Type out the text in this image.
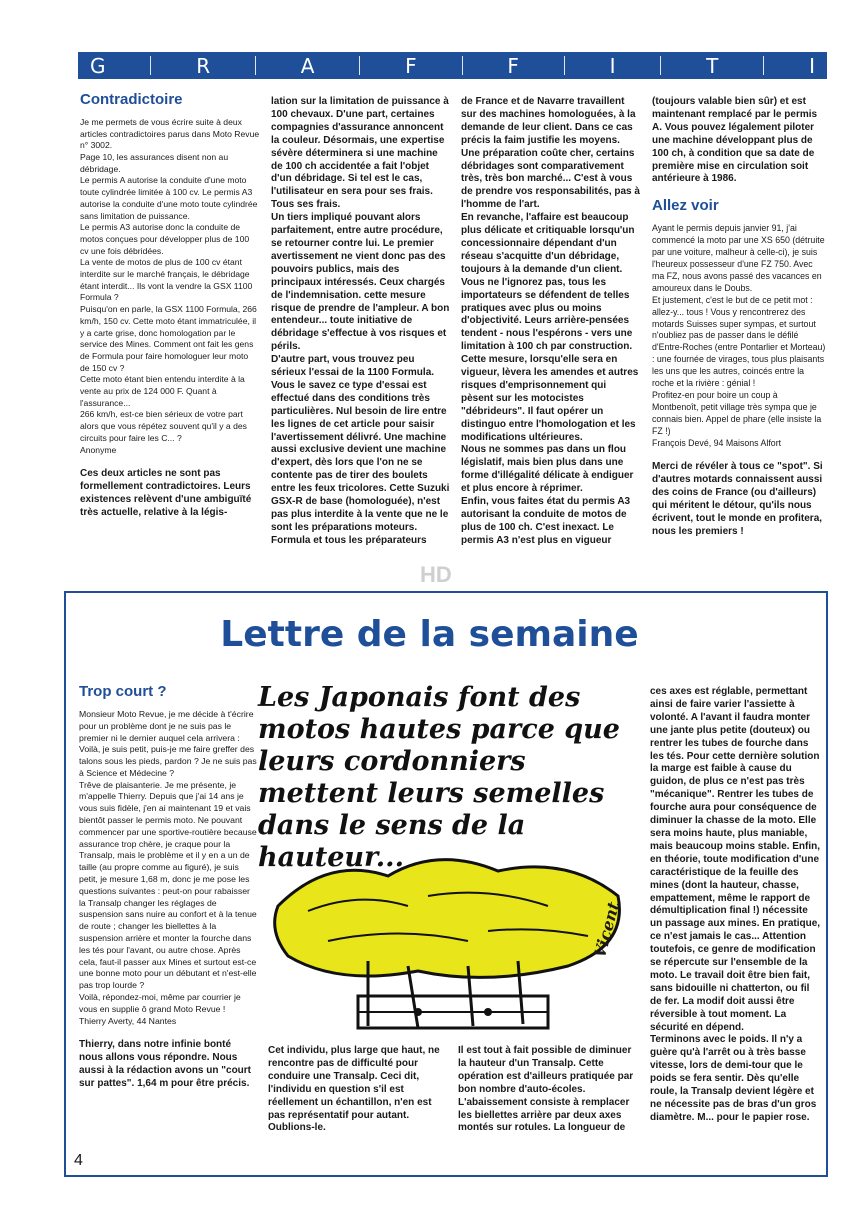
G	R	A	F	F	I	T	I
Contradictoire

Je me permets de vous écrire suite à deux articles contradictoires parus dans Moto Revue n° 3002.
Page 10, les assurances disent non au débridage.
Le permis A autorise la conduite d'une moto toute cylindrée limitée à 100 cv. Le permis A3 autorise la conduite d'une moto toute cylindrée sans limitation de puissance.
Le permis A3 autorise donc la conduite de motos conçues pour développer plus de 100 cv une fois débridées.
La vente de motos de plus de 100 cv étant interdite sur le marché français, le débridage étant interdit... Ils vont la vendre la GSX 1100 Formula ?
Puisqu'on en parle, la GSX 1100 Formula, 266 km/h, 150 cv. Cette moto étant immatriculée, il y a carte grise, donc homologation par le service des Mines. Comment ont fait les gens de Formula pour faire homologuer leur moto de 150 cv ?
Cette moto étant bien entendu interdite à la vente au prix de 124 000 F. Quant à l'assurance...
266 km/h, est-ce bien sérieux de votre part alors que vous répétez souvent qu'il y a des circuits pour faire les C... ?
Anonyme

Ces deux articles ne sont pas formellement contradictoires. Leurs existences relèvent d'une ambiguïté très actuelle, relative à la légis-

lation sur la limitation de puissance à 100 chevaux. D'une part, certaines compagnies d'assurance annoncent la couleur. Désormais, une expertise sévère déterminera si une machine de 100 ch accidentée a fait l'objet d'un débridage. Si tel est le cas, l'utilisateur en sera pour ses frais. Tous ses frais.
Un tiers impliqué pouvant alors parfaitement, entre autre procédure, se retourner contre lui. Le premier avertissement ne vient donc pas des pouvoirs publics, mais des principaux intéressés. Ceux chargés de l'indemnisation. cette mesure risque de prendre de l'ampleur. A bon entendeur... toute initiative de débridage s'effectue à vos risques et périls.
D'autre part, vous trouvez peu sérieux l'essai de la 1100 Formula. Vous le savez ce type d'essai est effectué dans des conditions très particulières. Nul besoin de lire entre les lignes de cet article pour saisir l'avertissement délivré. Une machine aussi exclusive devient une machine d'expert, dès lors que l'on ne se contente pas de tirer des boulets entre les feux tricolores. Cette Suzuki GSX-R de base (homologuée), n'est pas plus interdite à la vente que ne le sont les préparations moteurs.
Formula et tous les préparateurs
de France et de Navarre travaillent sur des machines homologuées, à la demande de leur client. Dans ce cas précis la faim justifie les moyens.
Une préparation coûte cher, certains débridages sont comparativement très, très bon marché... C'est à vous de prendre vos responsabilités, pas à l'homme de l'art.
En revanche, l'affaire est beaucoup plus délicate et critiquable lorsqu'un concessionnaire dépendant d'un réseau s'acquitte d'un débridage, toujours à la demande d'un client. Vous ne l'ignorez pas, tous les importateurs se défendent de telles pratiques avec plus ou moins d'objectivité. Leurs arrière-pensées tendent - nous l'espérons - vers une limitation à 100 ch par construction. Cette mesure, lorsqu'elle sera en vigueur, lèvera les amendes et autres risques d'emprisonnement qui pèsent sur les motocistes "débrideurs". Il faut opérer un distinguo entre l'homologation et les modifications ultérieures.
Nous ne sommes pas dans un flou législatif, mais bien plus dans une forme d'illégalité délicate à endiguer et plus encore à réprimer.
Enfin, vous faites état du permis A3 autorisant la conduite de motos de plus de 100 ch. C'est inexact. Le permis A3 n'est plus en vigueur

(toujours valable bien sûr) et est maintenant remplacé par le permis A. Vous pouvez légalement piloter une machine développant plus de 100 ch, à condition que sa date de première mise en circulation soit antérieure à 1986.

Allez voir

Ayant le permis depuis janvier 91, j'ai commencé la moto par une XS 650 (détruite par une voiture, malheur à celle-ci), je suis l'heureux possesseur d'une FZ 750. Avec ma FZ, nous avons passé des vacances en amoureux dans le Doubs.
Et justement, c'est le but de ce petit mot : allez-y... tous ! Vous y rencontrerez des motards Suisses super sympas, et surtout n'oubliez pas de passer dans le défilé d'Entre-Roches (entre Pontarlier et Morteau) : une fournée de virages, tous plus plaisants les uns que les autres, coincés entre la roche et la rivière : génial !
Profitez-en pour boire un coup à Montbenoît, petit village très sympa que je connais bien. Appel de phare (elle insiste la FZ !)
François Devé, 94 Maisons Alfort

Merci de révéler à tous ce "spot". Si d'autres motards connaissent aussi des coins de France (ou d'ailleurs) qui méritent le détour, qu'ils nous écrivent, tout le monde en profitera, nous les premiers !

HD
Lettre de la semaine
Trop court ?

Monsieur Moto Revue, je me décide à t'écrire pour un problème dont je ne suis pas le premier ni le dernier auquel cela arrivera : Voilà, je suis petit, puis-je me faire greffer des talons sous les pieds, pardon ? Je ne suis pas à Science et Médecine ?
Trêve de plaisanterie. Je me présente, je m'appelle Thierry. Depuis que j'ai 14 ans je vous suis fidèle, j'en ai maintenant 19 et vais bientôt passer le permis moto. Ne pouvant commencer par une sportive-routière because assurance trop chère, je craque pour la Transalp, mais le problème et il y en a un de taille (au propre comme au figuré), je suis petit, je mesure 1,68 m, donc je me pose les questions suivantes : peut-on pour rabaisser la Transalp changer les réglages de suspension sans nuire au confort et à la tenue de route ; changer les biellettes à la suspension arrière et monter la fourche dans les tés pour l'avant, ou autre chose. Après cela, faut-il passer aux Mines et surtout est-ce une bonne moto pour un débutant et n'est-elle pas trop lourde ?
Voilà, répondez-moi, même par courrier je vous en supplie ô grand Moto Revue !
Thierry Averty, 44 Nantes

Thierry, dans notre infinie bonté nous allons vous répondre. Nous aussi à la rédaction avons un "court sur pattes". 1,64 m pour être précis.

Les Japonais font des motos hautes parce que leurs cordonniers mettent leurs semelles dans le sens de la hauteur...
Vicent
Cet individu, plus large que haut, ne rencontre pas de difficulté pour conduire une Transalp. Ceci dit, l'individu en question s'il est réellement un échantillon, n'en est pas représentatif pour autant. Oublions-le.
Il est tout à fait possible de diminuer la hauteur d'un Transalp. Cette opération est d'ailleurs pratiquée par bon nombre d'auto-écoles. L'abaissement consiste à remplacer les biellettes arrière par deux axes montés sur rotules. La longueur de
ces axes est réglable, permettant ainsi de faire varier l'assiette à volonté. A l'avant il faudra monter une jante plus petite (douteux) ou rentrer les tubes de fourche dans les tés. Pour cette dernière solution la marge est faible à cause du guidon, de plus ce n'est pas très "mécanique". Rentrer les tubes de fourche aura pour conséquence de diminuer la chasse de la moto. Elle sera moins haute, plus maniable, mais beaucoup moins stable. Enfin, en théorie, toute modification d'une caractéristique de la feuille des mines (dont la hauteur, chasse, empattement, même le rapport de démultiplication final !) nécessite un passage aux mines. En pratique, ce n'est jamais le cas... Attention toutefois, ce genre de modification se répercute sur l'ensemble de la moto. Le travail doit être bien fait, sans bidouille ni chatterton, ou fil de fer. La modif doit aussi être réversible à tout moment. La sécurité en dépend.
Terminons avec le poids. Il n'y a guère qu'à l'arrêt ou à très basse vitesse, lors de demi-tour que le poids se fera sentir. Dès qu'elle roule, la Transalp devient légère et ne nécessite pas de bras d'un gros diamètre. M... pour le papier rose.
4
